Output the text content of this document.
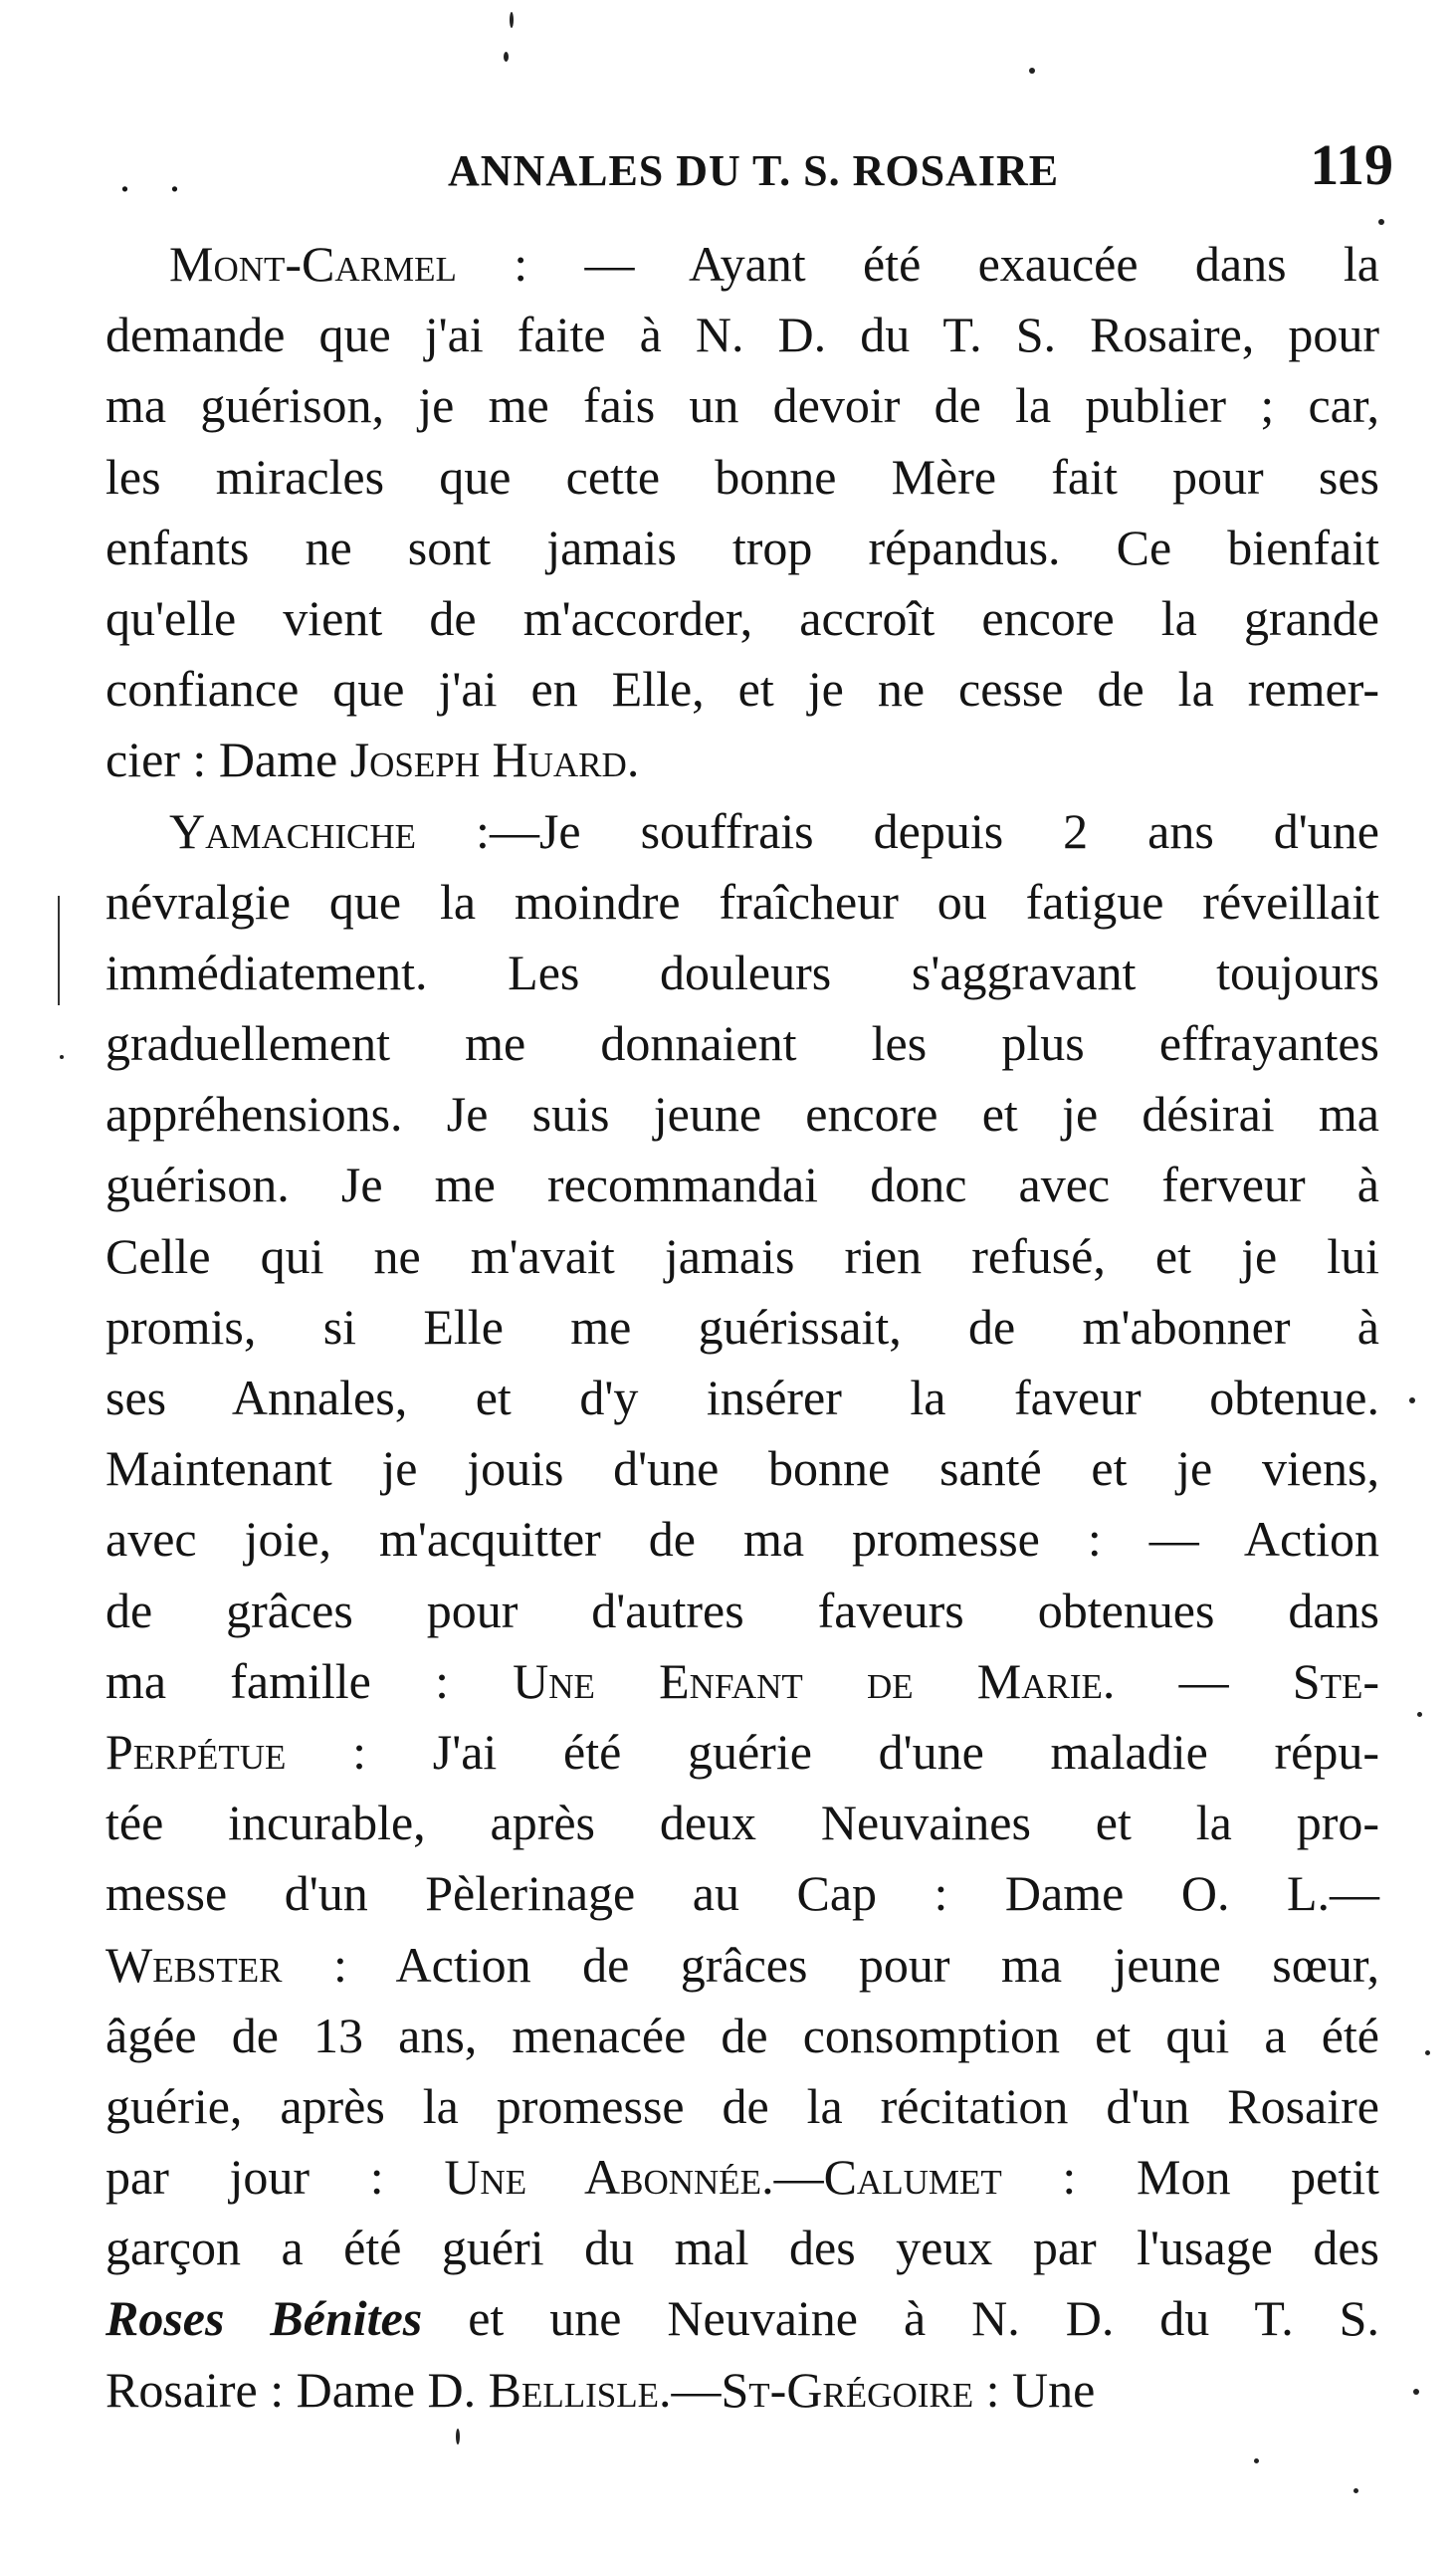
. .	ANNALES DU T. S. ROSAIRE	119
Mont-Carmel : — Ayant été exaucée dans la
demande que j'ai faite à N. D. du T. S. Rosaire, pour
ma guérison, je me fais un devoir de la publier ; car,
les miracles que cette bonne Mère fait pour ses
enfants ne sont jamais trop répandus. Ce bienfait
qu'elle vient de m'accorder, accroît encore la grande
confiance que j'ai en Elle, et je ne cesse de la remer-
cier : Dame Joseph Huard.
Yamachiche :—Je souffrais depuis 2 ans d'une
névralgie que la moindre fraîcheur ou fatigue réveillait
immédiatement. Les douleurs s'aggravant toujours
graduellement me donnaient les plus effrayantes
appréhensions. Je suis jeune encore et je désirai ma
guérison. Je me recommandai donc avec ferveur à
Celle qui ne m'avait jamais rien refusé, et je lui
promis, si Elle me guérissait, de m'abonner à
ses Annales, et d'y insérer la faveur obtenue.
Maintenant je jouis d'une bonne santé et je viens,
avec joie, m'acquitter de ma promesse : — Action
de grâces pour d'autres faveurs obtenues dans
ma famille : Une Enfant de Marie. — Ste-
Perpétue : J'ai été guérie d'une maladie répu-
tée incurable, après deux Neuvaines et la pro-
messe d'un Pèlerinage au Cap : Dame O. L.—
Webster : Action de grâces pour ma jeune sœur,
âgée de 13 ans, menacée de consomption et qui a été
guérie, après la promesse de la récitation d'un Rosaire
par jour : Une Abonnée.—Calumet : Mon petit
garçon a été guéri du mal des yeux par l'usage des
Roses Bénites et une Neuvaine à N. D. du T. S.
Rosaire : Dame D. Bellisle.—St-Grégoire : Une
